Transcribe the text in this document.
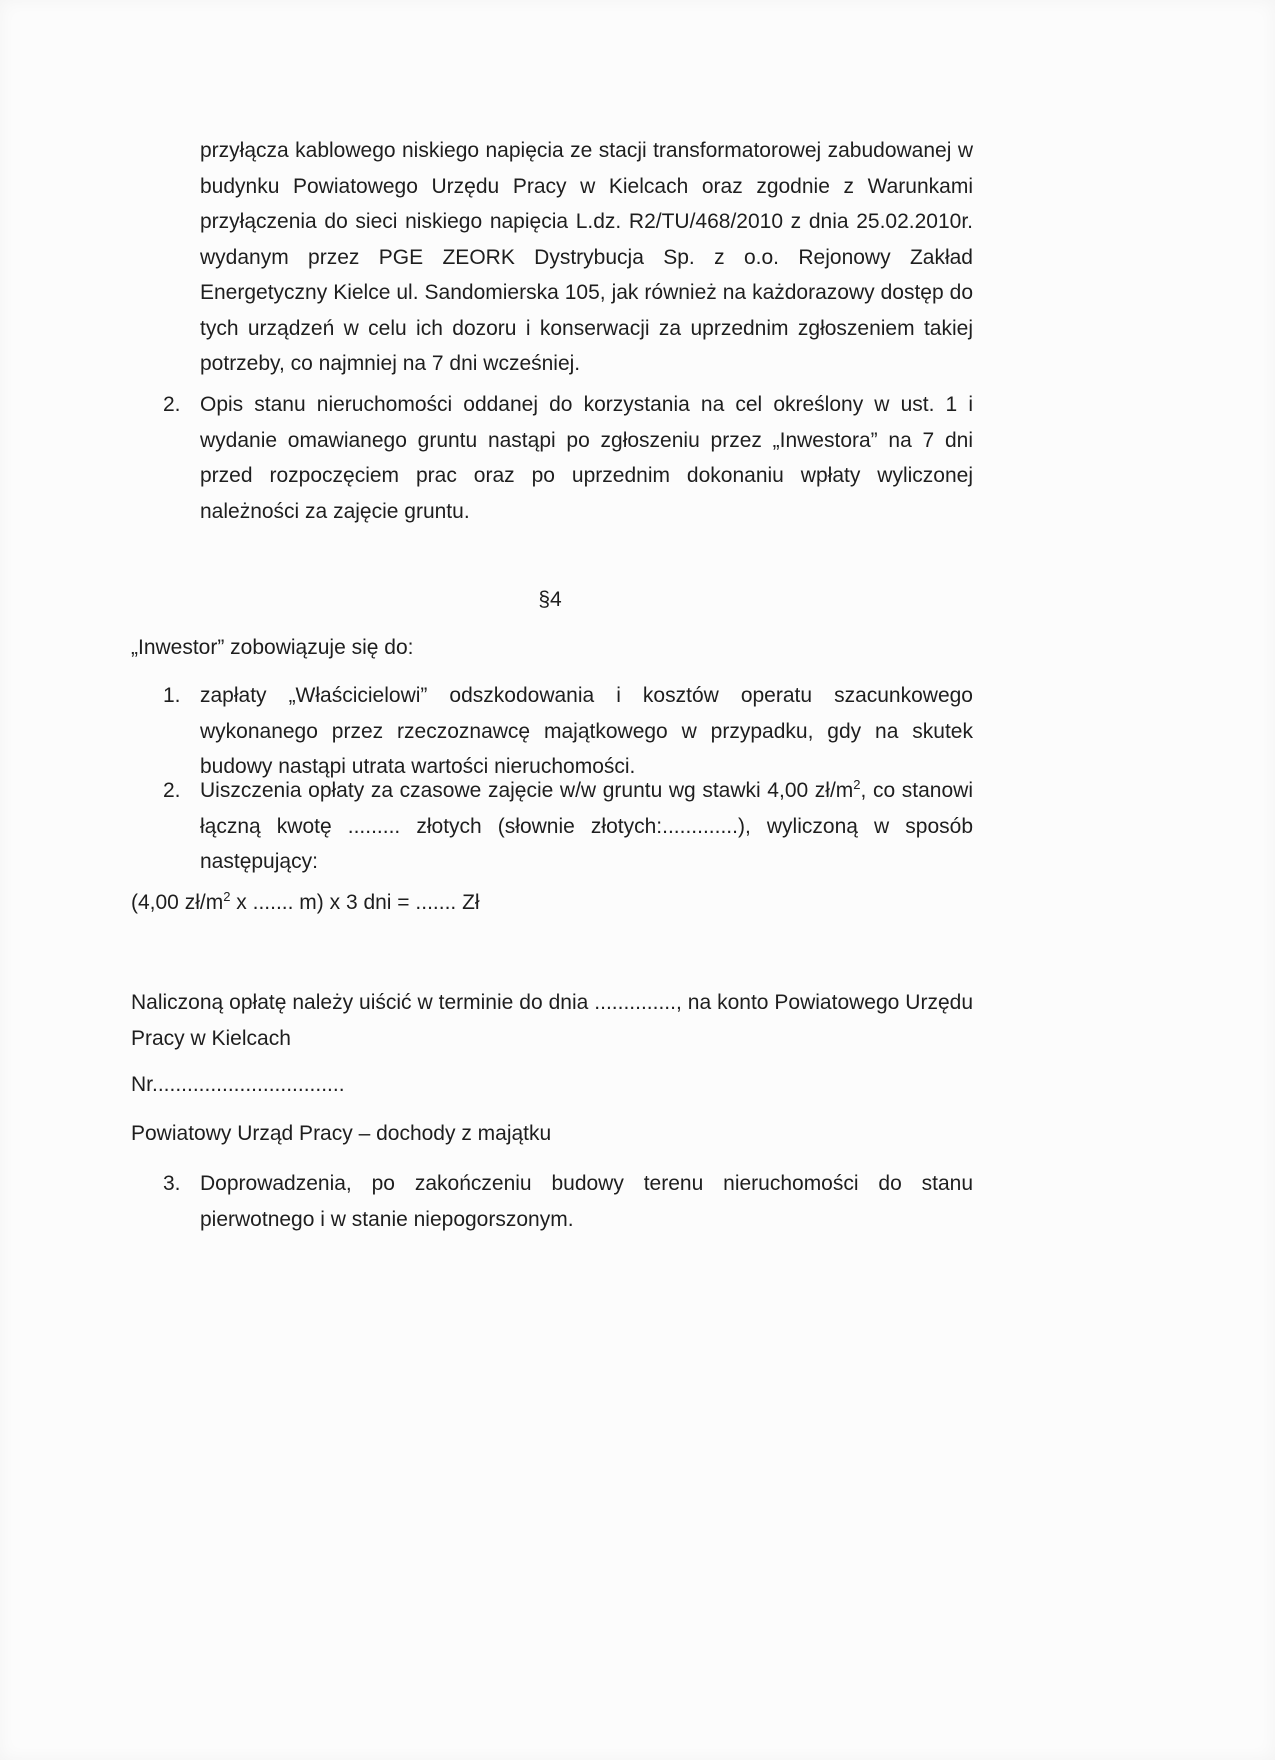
przyłącza kablowego niskiego napięcia ze stacji transformatorowej zabudowanej w budynku Powiatowego Urzędu Pracy w Kielcach oraz zgodnie z Warunkami przyłączenia do sieci niskiego napięcia L.dz. R2/TU/468/2010 z dnia 25.02.2010r. wydanym przez PGE ZEORK Dystrybucja Sp. z o.o. Rejonowy Zakład Energetyczny Kielce ul. Sandomierska 105, jak również na każdorazowy dostęp do tych urządzeń w celu ich dozoru i konserwacji za uprzednim zgłoszeniem takiej potrzeby, co najmniej na 7 dni wcześniej.

2. Opis stanu nieruchomości oddanej do korzystania na cel określony w ust. 1 i wydanie omawianego gruntu nastąpi po zgłoszeniu przez „Inwestora” na 7 dni przed rozpoczęciem prac oraz po uprzednim dokonaniu wpłaty wyliczonej należności za zajęcie gruntu.

§4

„Inwestor” zobowiązuje się do:

1. zapłaty „Właścicielowi” odszkodowania i kosztów operatu szacunkowego wykonanego przez rzeczoznawcę majątkowego w przypadku, gdy na skutek budowy nastąpi utrata wartości nieruchomości.

2. Uiszczenia opłaty za czasowe zajęcie w/w gruntu wg stawki 4,00 $zł/m^2$, co stanowi łączną kwotę ......... złotych (słownie złotych:.............), wyliczoną w sposób następujący:

(4,00 $zł/m^2$ x ....... m) x 3 dni = ....... Zł

Naliczoną opłatę należy uiścić w terminie do dnia .............., na konto Powiatowego Urzędu Pracy w Kielcach

Nr.................................

Powiatowy Urząd Pracy – dochody z majątku

3. Doprowadzenia, po zakończeniu budowy terenu nieruchomości do stanu pierwotnego i w stanie niepogorszonym.
